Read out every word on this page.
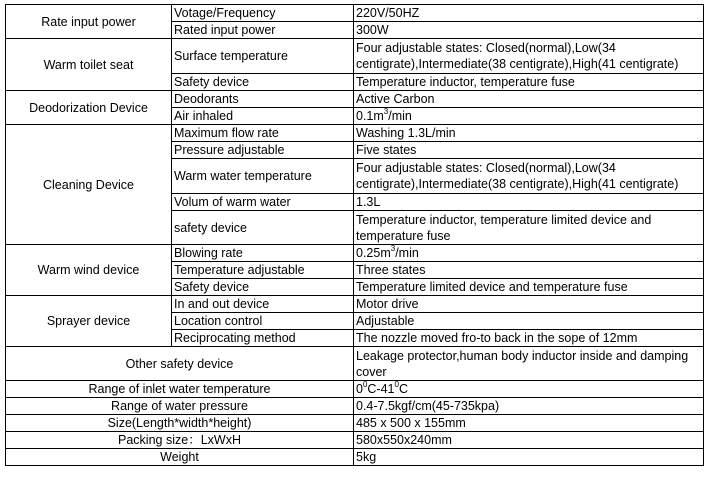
Rate input power	Votage/Frequency	220V/50HZ
	Rated input power	300W
Warm toilet seat	Surface temperature	Four adjustable states: Closed(normal),Low(34 centigrate),Intermediate(38 centigrate),High(41 centigrate)
	Safety device	Temperature inductor, temperature fuse
Deodorization Device	Deodorants	Active Carbon
	Air inhaled	$0.1m^3/\min$
Cleaning Device	Maximum flow rate	Washing 1.3L/min
	Pressure adjustable	Five states
	Warm water temperature	Four adjustable states: Closed(normal),Low(34 centigrate),Intermediate(38 centigrate),High(41 centigrate)
	Volum of warm water	1.3L
	safety device	Temperature inductor, temperature limited device and temperature fuse
Warm wind device	Blowing rate	$0.25m^3/\min$
	Temperature adjustable	Three states
	Safety device	Temperature limited device and temperature fuse
Sprayer device	In and out device	Motor drive
	Location control	Adjustable
	Reciprocating method	The nozzle moved fro-to back in the sope of 12mm
Other safety device		Leakage protector,human body inductor inside and damping cover
Range of inlet water temperature		$0^0C-41^0C$
Range of water pressure		0.4-7.5kgf/cm(45-735kpa)
Size(Length*width*height)		485 x 500 x 155mm
Packing size：LxWxH		580x550x240mm
Weight		5kg
